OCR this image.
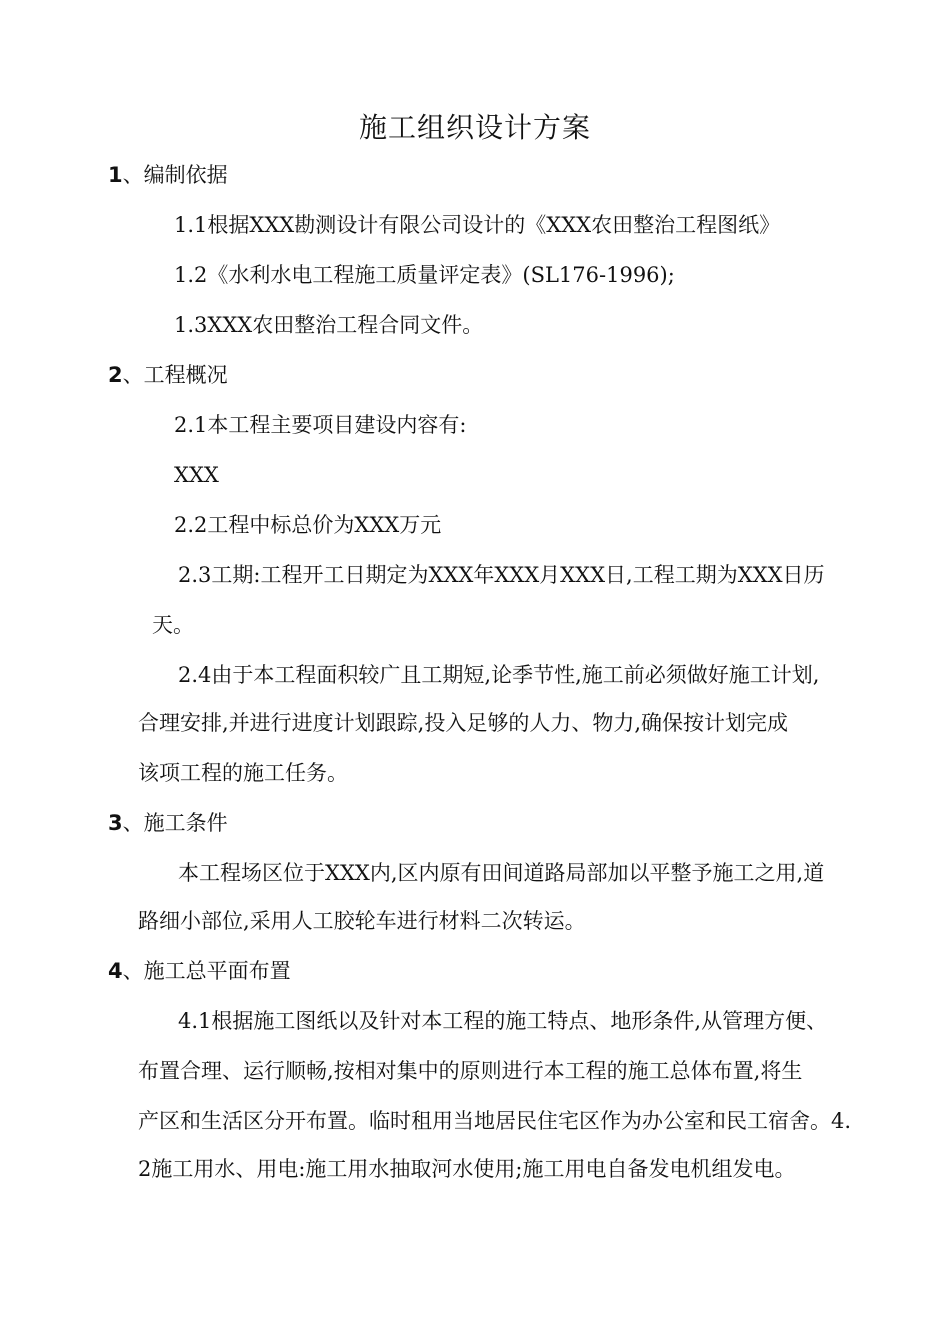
施工组织设计方案
1、编制依据
1.1根据XXX勘测设计有限公司设计的《XXX农田整治工程图纸》
1.2《水利水电工程施工质量评定表》(SL176-1996);
1.3XXX农田整治工程合同文件。
2、工程概况
2.1本工程主要项目建设内容有:
XXX
2.2工程中标总价为XXX万元
2.3工期:工程开工日期定为XXX年XXX月XXX日,工程工期为XXX日历
天。
2.4由于本工程面积较广且工期短,论季节性,施工前必须做好施工计划,
合理安排,并进行进度计划跟踪,投入足够的人力、物力,确保按计划完成
该项工程的施工任务。
3、施工条件
本工程场区位于XXX内,区内原有田间道路局部加以平整予施工之用,道
路细小部位,采用人工胶轮车进行材料二次转运。
4、施工总平面布置
4.1根据施工图纸以及针对本工程的施工特点、地形条件,从管理方便、
布置合理、运行顺畅,按相对集中的原则进行本工程的施工总体布置,将生
产区和生活区分开布置。临时租用当地居民住宅区作为办公室和民工宿舍。4.
2施工用水、用电:施工用水抽取河水使用;施工用电自备发电机组发电。
